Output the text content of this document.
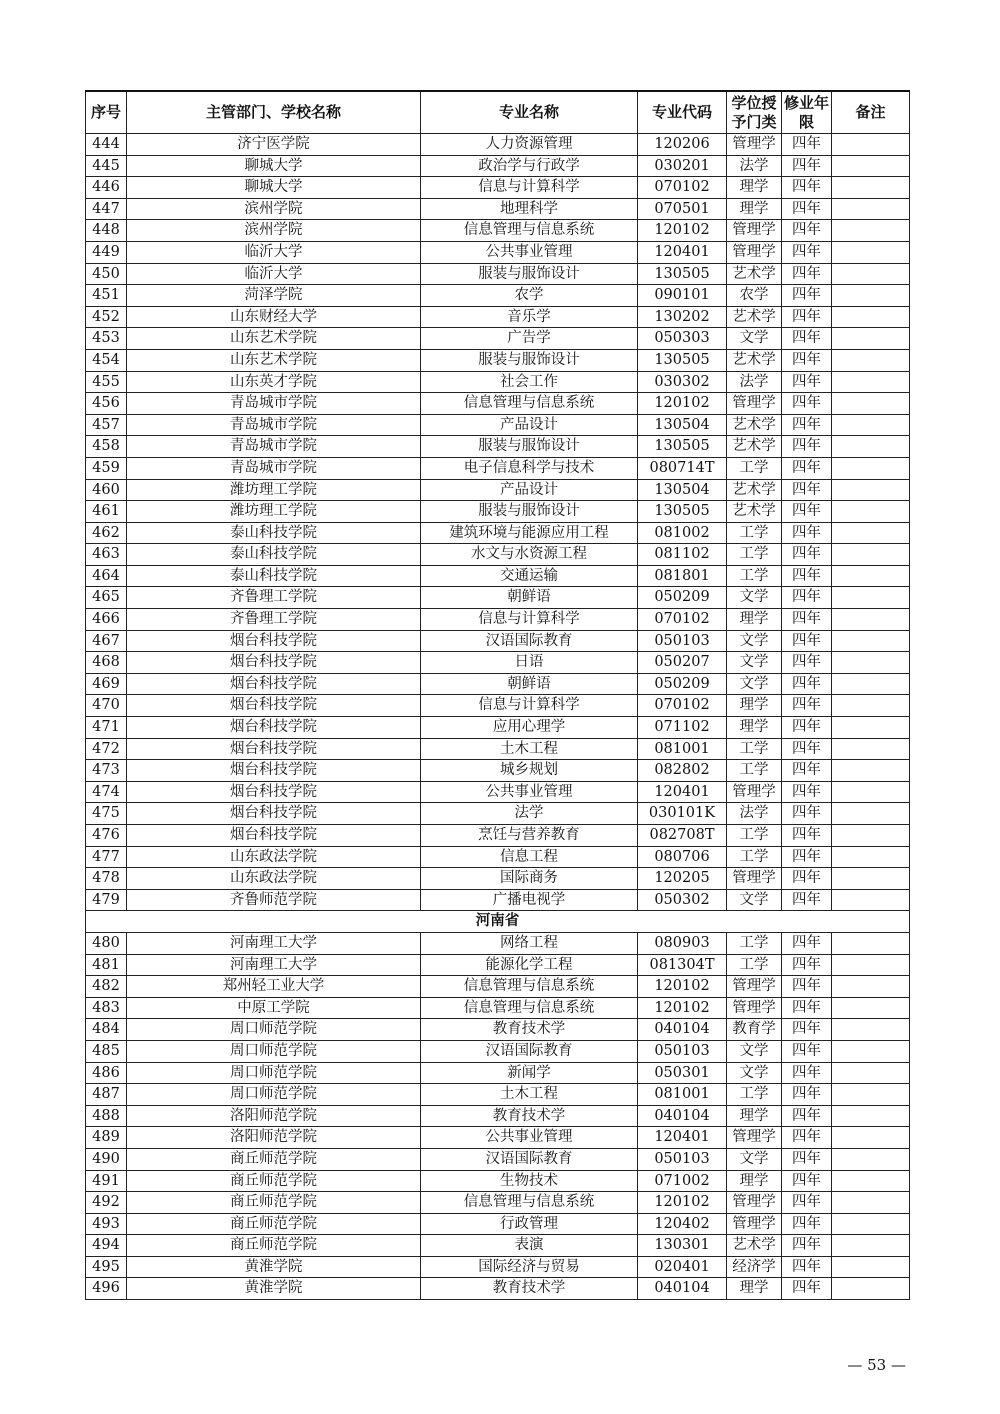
序号	主管部门、学校名称	专业名称	专业代码	学位授予门类	修业年限	备注
444	济宁医学院	人力资源管理	120206	管理学	四年	
445	聊城大学	政治学与行政学	030201	法学	四年	
446	聊城大学	信息与计算科学	070102	理学	四年	
447	滨州学院	地理科学	070501	理学	四年	
448	滨州学院	信息管理与信息系统	120102	管理学	四年	
449	临沂大学	公共事业管理	120401	管理学	四年	
450	临沂大学	服装与服饰设计	130505	艺术学	四年	
451	菏泽学院	农学	090101	农学	四年	
452	山东财经大学	音乐学	130202	艺术学	四年	
453	山东艺术学院	广告学	050303	文学	四年	
454	山东艺术学院	服装与服饰设计	130505	艺术学	四年	
455	山东英才学院	社会工作	030302	法学	四年	
456	青岛城市学院	信息管理与信息系统	120102	管理学	四年	
457	青岛城市学院	产品设计	130504	艺术学	四年	
458	青岛城市学院	服装与服饰设计	130505	艺术学	四年	
459	青岛城市学院	电子信息科学与技术	080714T	工学	四年	
460	潍坊理工学院	产品设计	130504	艺术学	四年	
461	潍坊理工学院	服装与服饰设计	130505	艺术学	四年	
462	泰山科技学院	建筑环境与能源应用工程	081002	工学	四年	
463	泰山科技学院	水文与水资源工程	081102	工学	四年	
464	泰山科技学院	交通运输	081801	工学	四年	
465	齐鲁理工学院	朝鲜语	050209	文学	四年	
466	齐鲁理工学院	信息与计算科学	070102	理学	四年	
467	烟台科技学院	汉语国际教育	050103	文学	四年	
468	烟台科技学院	日语	050207	文学	四年	
469	烟台科技学院	朝鲜语	050209	文学	四年	
470	烟台科技学院	信息与计算科学	070102	理学	四年	
471	烟台科技学院	应用心理学	071102	理学	四年	
472	烟台科技学院	土木工程	081001	工学	四年	
473	烟台科技学院	城乡规划	082802	工学	四年	
474	烟台科技学院	公共事业管理	120401	管理学	四年	
475	烟台科技学院	法学	030101K	法学	四年	
476	烟台科技学院	烹饪与营养教育	082708T	工学	四年	
477	山东政法学院	信息工程	080706	工学	四年	
478	山东政法学院	国际商务	120205	管理学	四年	
479	齐鲁师范学院	广播电视学	050302	文学	四年	
河南省						
480	河南理工大学	网络工程	080903	工学	四年	
481	河南理工大学	能源化学工程	081304T	工学	四年	
482	郑州轻工业大学	信息管理与信息系统	120102	管理学	四年	
483	中原工学院	信息管理与信息系统	120102	管理学	四年	
484	周口师范学院	教育技术学	040104	教育学	四年	
485	周口师范学院	汉语国际教育	050103	文学	四年	
486	周口师范学院	新闻学	050301	文学	四年	
487	周口师范学院	土木工程	081001	工学	四年	
488	洛阳师范学院	教育技术学	040104	理学	四年	
489	洛阳师范学院	公共事业管理	120401	管理学	四年	
490	商丘师范学院	汉语国际教育	050103	文学	四年	
491	商丘师范学院	生物技术	071002	理学	四年	
492	商丘师范学院	信息管理与信息系统	120102	管理学	四年	
493	商丘师范学院	行政管理	120402	管理学	四年	
494	商丘师范学院	表演	130301	艺术学	四年	
495	黄淮学院	国际经济与贸易	020401	经济学	四年	
496	黄淮学院	教育技术学	040104	理学	四年	
— 53 —
